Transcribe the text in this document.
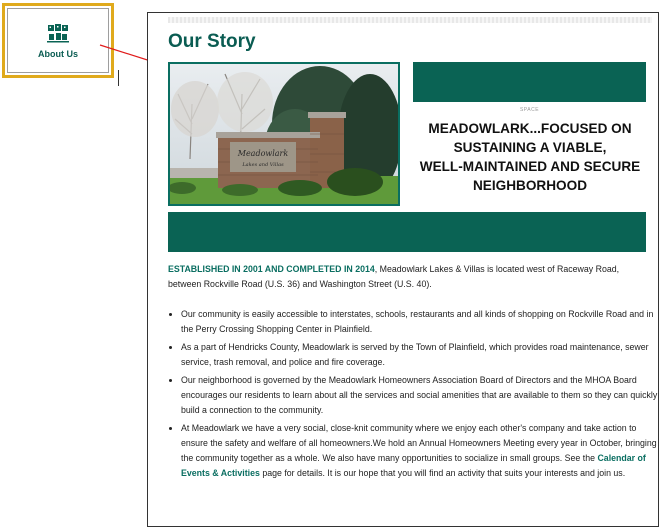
About Us
Our Story
Meadowlark
Lakes and Villas
SPACE
MEADOWLARK...FOCUSED ON
SUSTAINING A VIABLE,
WELL-MAINTAINED AND SECURE
NEIGHBORHOOD

ESTABLISHED IN 2001 AND COMPLETED IN 2014, Meadowlark Lakes & Villas is located west of Raceway Road, between Rockville Road (U.S. 36) and Washington Street (U.S. 40).

• Our community is easily accessible to interstates, schools, restaurants and all kinds of shopping on Rockville Road and in the Perry Crossing Shopping Center in Plainfield.
• As a part of Hendricks County, Meadowlark is served by the Town of Plainfield, which provides road maintenance, sewer service, trash removal, and police and fire coverage.
• Our neighborhood is governed by the Meadowlark Homeowners Association Board of Directors and the MHOA Board encourages our residents to learn about all the services and social amenities that are available to them so they can quickly build a connection to the community.
• At Meadowlark we have a very social, close-knit community where we enjoy each other's company and take action to ensure the safety and welfare of all homeowners.We hold an Annual Homeowners Meeting every year in October, bringing the community together as a whole. We also have many opportunities to socialize in small groups. See the Calendar of Events & Activities page for details. It is our hope that you will find an activity that suits your interests and join us.
